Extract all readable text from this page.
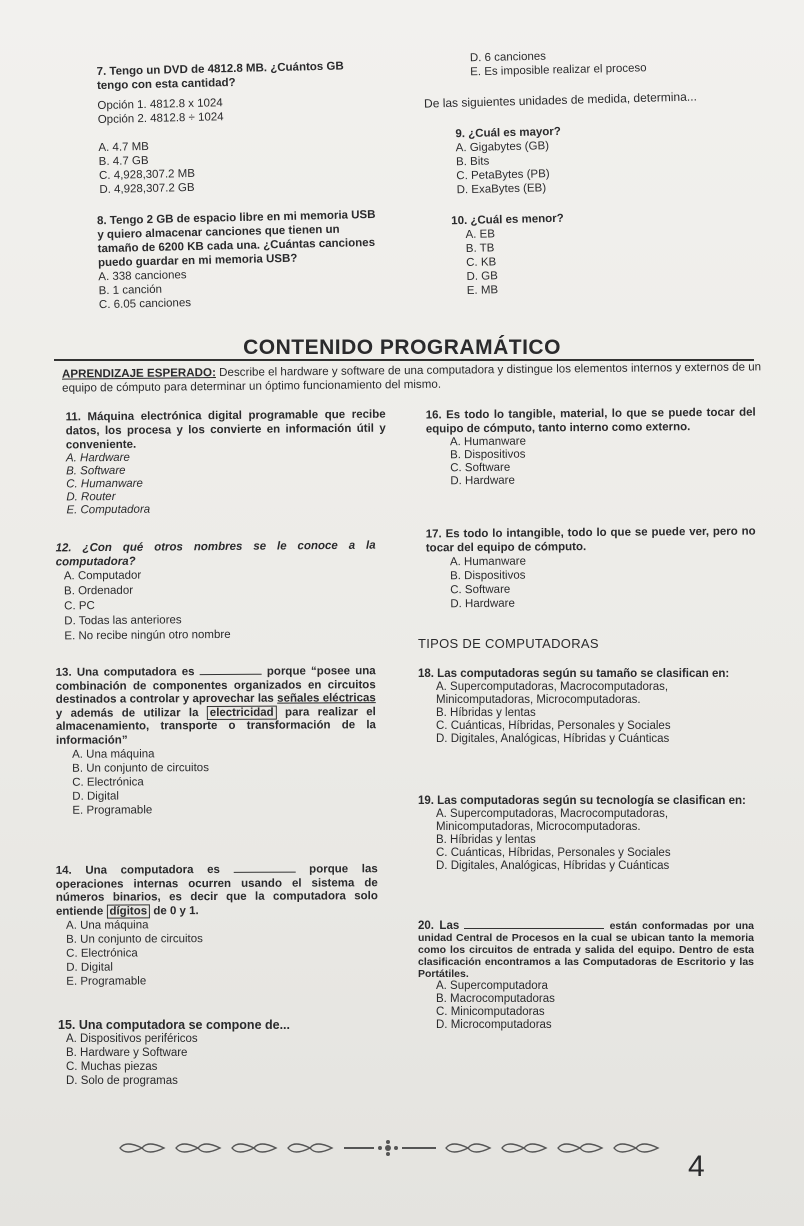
7. Tengo un DVD de 4812.8 MB. ¿Cuántos GB tengo con esta cantidad?
Opción 1. 4812.8 x 1024
Opción 2. 4812.8 ÷ 1024
A. 4.7 MB
B. 4.7 GB
C. 4,928,307.2 MB
D. 4,928,307.2 GB
8. Tengo 2 GB de espacio libre en mi memoria USB y quiero almacenar canciones que tienen un tamaño de 6200 KB cada una. ¿Cuántas canciones puedo guardar en mi memoria USB?
A. 338 canciones
B. 1 canción
C. 6.05 canciones
D. 6 canciones
E. Es imposible realizar el proceso
De las siguientes unidades de medida, determina...
9. ¿Cuál es mayor?
A. Gigabytes (GB)
B. Bits
C. PetaBytes (PB)
D. ExaBytes (EB)
10. ¿Cuál es menor?
A. EB
B. TB
C. KB
D. GB
E. MB
CONTENIDO PROGRAMÁTICO
APRENDIZAJE ESPERADO: Describe el hardware y software de una computadora y distingue los elementos internos y externos de un equipo de cómputo para determinar un óptimo funcionamiento del mismo.
11. Máquina electrónica digital programable que recibe datos, los procesa y los convierte en información útil y conveniente.
A. Hardware
B. Software
C. Humanware
D. Router
E. Computadora
12. ¿Con qué otros nombres se le conoce a la computadora?
A. Computador
B. Ordenador
C. PC
D. Todas las anteriores
E. No recibe ningún otro nombre
13. Una computadora es	porque “posee una combinación de componentes organizados en circuitos destinados a controlar y aprovechar las señales eléctricas y además de utilizar la electricidad para realizar el almacenamiento, transporte o transformación de la información”
A. Una máquina
B. Un conjunto de circuitos
C. Electrónica
D. Digital
E. Programable
14. Una computadora es	porque las operaciones internas ocurren usando el sistema de números binarios, es decir que la computadora solo entiende dígitos de 0 y 1.
A. Una máquina
B. Un conjunto de circuitos
C. Electrónica
D. Digital
E. Programable
15. Una computadora se compone de...
A. Dispositivos periféricos
B. Hardware y Software
C. Muchas piezas
D. Solo de programas
16. Es todo lo tangible, material, lo que se puede tocar del equipo de cómputo, tanto interno como externo.
A. Humanware
B. Dispositivos
C. Software
D. Hardware
17. Es todo lo intangible, todo lo que se puede ver, pero no tocar del equipo de cómputo.
A. Humanware
B. Dispositivos
C. Software
D. Hardware
TIPOS DE COMPUTADORAS
18. Las computadoras según su tamaño se clasifican en:
A. Supercomputadoras, Macrocomputadoras, Minicomputadoras, Microcomputadoras.
B. Híbridas y lentas
C. Cuánticas, Híbridas, Personales y Sociales
D. Digitales, Analógicas, Híbridas y Cuánticas
19. Las computadoras según su tecnología se clasifican en:
A. Supercomputadoras, Macrocomputadoras, Minicomputadoras, Microcomputadoras.
B. Híbridas y lentas
C. Cuánticas, Híbridas, Personales y Sociales
D. Digitales, Analógicas, Híbridas y Cuánticas
20. Las	están conformadas por una unidad Central de Procesos en la cual se ubican tanto la memoria como los circuitos de entrada y salida del equipo. Dentro de esta clasificación encontramos a las Computadoras de Escritorio y las Portátiles.
A. Supercomputadora
B. Macrocomputadoras
C. Minicomputadoras
D. Microcomputadoras
4
